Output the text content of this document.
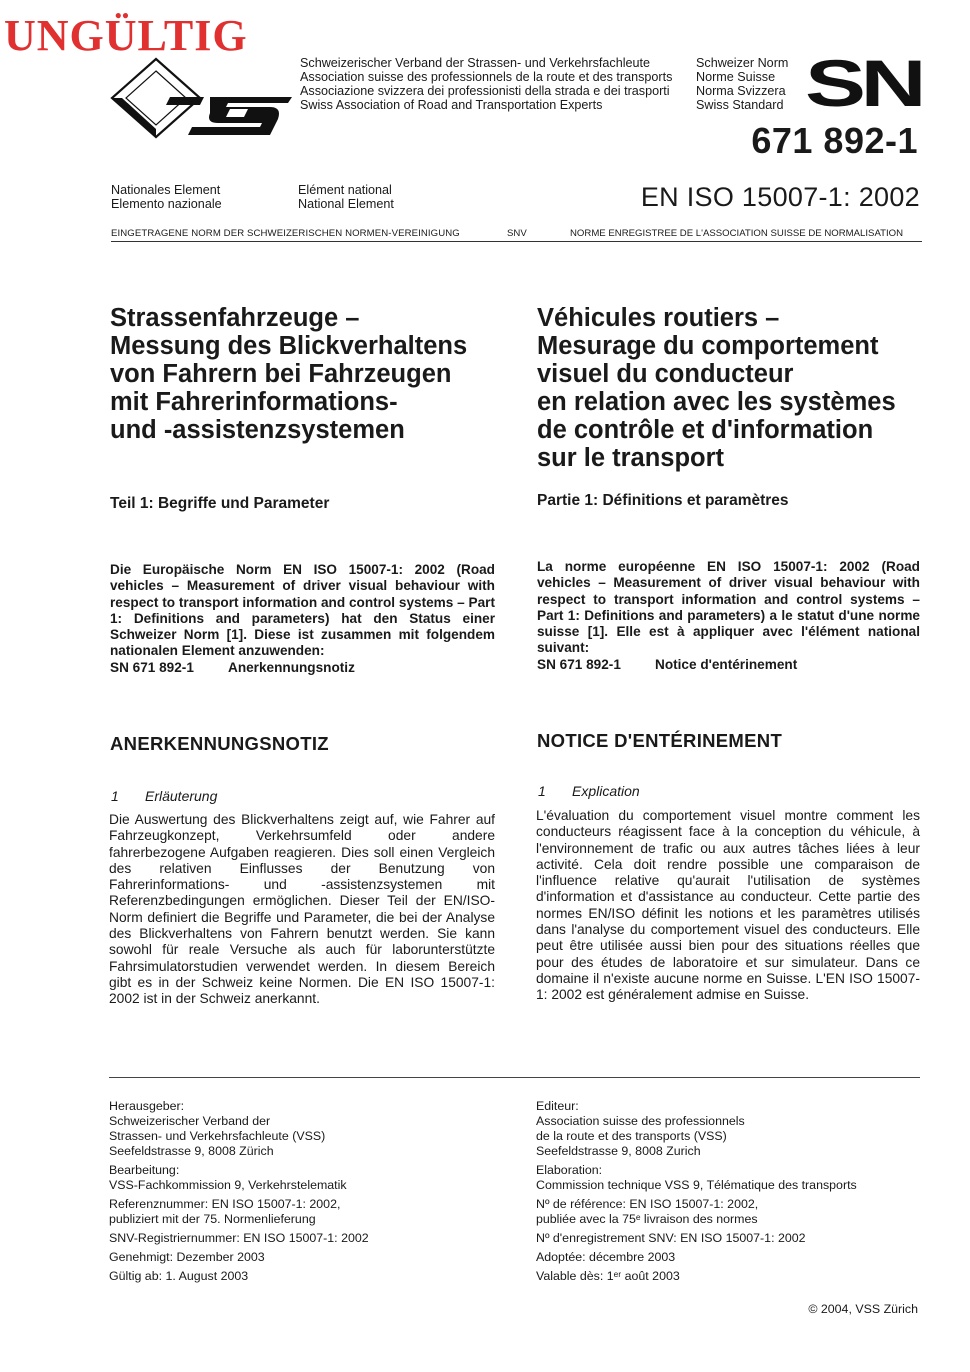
UNGÜLTIG
Schweizerischer Verband der Strassen- und Verkehrsfachleute
Association suisse des professionnels de la route et des transports
Associazione svizzera dei professionisti della strada e dei trasporti
Swiss Association of Road and Transportation Experts
Schweizer Norm
Norme Suisse
Norma Svizzera
Swiss Standard SN
671 892-1
Nationales Element
Elemento nazionale
Elément national
National Element	EN ISO 15007-1: 2002
EINGETRAGENE NORM DER SCHWEIZERISCHEN NORMEN-VEREINIGUNG	SNV	NORME ENREGISTREE DE L'ASSOCIATION SUISSE DE NORMALISATION
Strassenfahrzeuge –
Messung des Blickverhaltens
von Fahrern bei Fahrzeugen
mit Fahrerinformations-
und -assistenzsystemen
Teil 1: Begriffe und Parameter
Die Europäische Norm EN ISO 15007-1: 2002 (Road vehicles – Measurement of driver visual behaviour with respect to transport information and control systems – Part 1: Definitions and parameters) hat den Status einer Schweizer Norm [1]. Diese ist zusammen mit folgendem nationalen Element anzuwenden:
SN 671 892-1	Anerkennungsnotiz
ANERKENNUNGSNOTIZ
1 Erläuterung
Die Auswertung des Blickverhaltens zeigt auf, wie Fahrer auf Fahrzeugkonzept, Verkehrsumfeld oder andere fahrerbezogene Aufgaben reagieren. Dies soll einen Vergleich des relativen Einflusses der Benutzung von Fahrerinformations- und -assistenzsystemen mit Referenzbedingungen ermöglichen. Dieser Teil der EN/ISO-Norm definiert die Begriffe und Parameter, die bei der Analyse des Blickverhaltens von Fahrern benutzt werden. Sie kann sowohl für reale Versuche als auch für laborunterstützte Fahrsimulatorstudien verwendet werden. In diesem Bereich gibt es in der Schweiz keine Normen. Die EN ISO 15007-1: 2002 ist in der Schweiz anerkannt.
Véhicules routiers –
Mesurage du comportement
visuel du conducteur
en relation avec les systèmes
de contrôle et d'information
sur le transport
Partie 1: Définitions et paramètres
La norme européenne EN ISO 15007-1: 2002 (Road vehicles – Measurement of driver visual behaviour with respect to transport information and control systems – Part 1: Definitions and parameters) a le statut d'une norme suisse [1]. Elle est à appliquer avec l'élément national suivant:
SN 671 892-1	Notice d'entérinement
NOTICE D'ENTÉRINEMENT
1 Explication
L'évaluation du comportement visuel montre comment les conducteurs réagissent face à la conception du véhicule, à l'environnement de trafic ou aux autres tâches liées à leur activité. Cela doit rendre possible une comparaison de l'influence relative qu'aurait l'utilisation de systèmes d'information et d'assistance au conducteur. Cette partie des normes EN/ISO définit les notions et les paramètres utilisés dans l'analyse du comportement visuel des conducteurs. Elle peut être utilisée aussi bien pour des situations réelles que pour des études de laboratoire et sur simulateur. Dans ce domaine il n'existe aucune norme en Suisse. L'EN ISO 15007-1: 2002 est généralement admise en Suisse.
Herausgeber:
Schweizerischer Verband der
Strassen- und Verkehrsfachleute (VSS)
Seefeldstrasse 9, 8008 Zürich
Bearbeitung:
VSS-Fachkommission 9, Verkehrstelematik
Referenznummer: EN ISO 15007-1: 2002,
publiziert mit der 75. Normenlieferung
SNV-Registriernummer: EN ISO 15007-1: 2002
Genehmigt: Dezember 2003
Gültig ab: 1. August 2003
Editeur:
Association suisse des professionnels
de la route et des transports (VSS)
Seefeldstrasse 9, 8008 Zurich
Elaboration:
Commission technique VSS 9, Télématique des transports
Nº de référence: EN ISO 15007-1: 2002,
publiée avec la 75ᵉ livraison des normes
Nº d'enregistrement SNV: EN ISO 15007-1: 2002
Adoptée: décembre 2003
Valable dès: 1ᵉʳ août 2003
© 2004, VSS Zürich
